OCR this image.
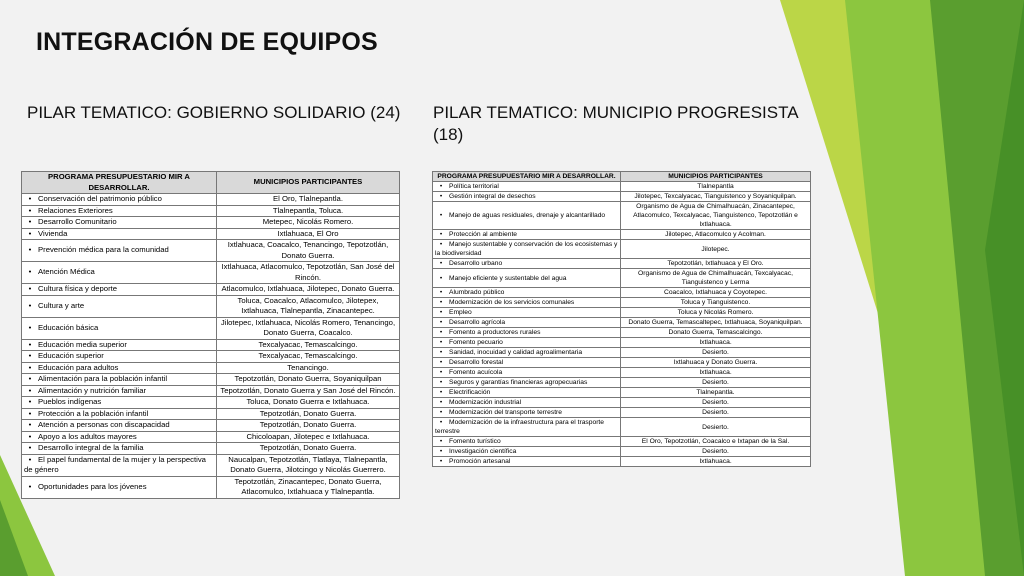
INTEGRACIÓN DE EQUIPOS
PILAR TEMATICO: GOBIERNO SOLIDARIO (24)	PILAR TEMATICO: MUNICIPIO PROGRESISTA (18)
PROGRAMA PRESUPUESTARIO MIR A DESARROLLAR.	MUNICIPIOS PARTICIPANTES
• Conservación del patrimonio público	El Oro, Tlalnepantla.
• Relaciones Exteriores	Tlalnepantla, Toluca.
• Desarrollo Comunitario	Metepec, Nicolás Romero.
• Vivienda	Ixtlahuaca, El Oro
• Prevención médica para la comunidad	Ixtlahuaca, Coacalco, Tenancingo, Tepotzotlán, Donato Guerra.
• Atención Médica	Ixtlahuaca, Atlacomulco, Tepotzotlán, San José del Rincón.
• Cultura física y deporte	Atlacomulco, Ixtlahuaca, Jilotepec, Donato Guerra.
• Cultura y arte	Toluca, Coacalco, Atlacomulco, Jilotepex, Ixtlahuaca, Tlalnepantla, Zinacantepec.
• Educación básica	Jilotepec, Ixtlahuaca, Nicolás Romero, Tenancingo, Donato Guerra, Coacalco.
• Educación media superior	Texcalyacac, Temascalcingo.
• Educación superior	Texcalyacac, Temascalcingo.
• Educación para adultos	Tenancingo.
• Alimentación para la población infantil	Tepotzotlán, Donato Guerra, Soyaniquilpan
• Alimentación y nutrición familiar	Tepotzotlán, Donato Guerra y San José del Rincón.
• Pueblos indígenas	Toluca, Donato Guerra e Ixtlahuaca.
• Protección a la población infantil	Tepotzotlán, Donato Guerra.
• Atención a personas con discapacidad	Tepotzotlán, Donato Guerra.
• Apoyo a los adultos mayores	Chicoloapan, Jilotepec e Ixtlahuaca.
• Desarrollo integral de la familia	Tepotzotlán, Donato Guerra.
• El papel fundamental de la mujer y la perspectiva de género	Naucalpan, Tepotzotlán, Tlatlaya, Tlalnepantla, Donato Guerra, Jilotcingo y Nicolás Guerrero.
• Oportunidades para los jóvenes	Tepotzotlán, Zinacantepec, Donato Guerra, Atlacomulco, Ixtlahuaca y Tlalnepantla.
PROGRAMA PRESUPUESTARIO MIR A DESARROLLAR.	MUNICIPIOS PARTICIPANTES
• Política territorial	Tlalnepantla
• Gestión integral de desechos	Jilotepec, Texcalyacac, Tianguistenco y Soyaniquilpan.
• Manejo de aguas residuales, drenaje y alcantarillado	Organismo de Agua de Chimalhuacán, Zinacantepec, Atlacomulco, Texcalyacac, Tianguistenco, Tepotzotlán e Ixtlahuaca.
• Protección al ambiente	Jilotepec, Atlacomulco y Acolman.
• Manejo sustentable y conservación de los ecosistemas y la biodiversidad	Jilotepec.
• Desarrollo urbano	Tepotzotlán, Ixtlahuaca y El Oro.
• Manejo eficiente y sustentable del agua	Organismo de Agua de Chimalhuacán, Texcalyacac, Tianguistenco y Lerma
• Alumbrado público	Coacalco, Ixtlahuaca y Coyotepec.
• Modernización de los servicios comunales	Toluca y Tianguistenco.
• Empleo	Toluca y Nicolás Romero.
• Desarrollo agrícola	Donato Guerra, Temascaltepec, Ixtlahuaca, Soyaniquilpan.
• Fomento a productores rurales	Donato Guerra, Temascalcingo.
• Fomento pecuario	Ixtlahuaca.
• Sanidad, inocuidad y calidad agroalimentaria	Desierto.
• Desarrollo forestal	Ixtlahuaca y Donato Guerra.
• Fomento acuícola	Ixtlahuaca.
• Seguros y garantías financieras agropecuarias	Desierto.
• Electrificación	Tlalnepantla.
• Modernización industrial	Desierto.
• Modernización del transporte terrestre	Desierto.
• Modernización de la infraestructura para el trasporte terrestre	Desierto.
• Fomento turístico	El Oro, Tepotzotlán, Coacalco e Ixtapan de la Sal.
• Investigación científica	Desierto.
• Promoción artesanal	Ixtlahuaca.
